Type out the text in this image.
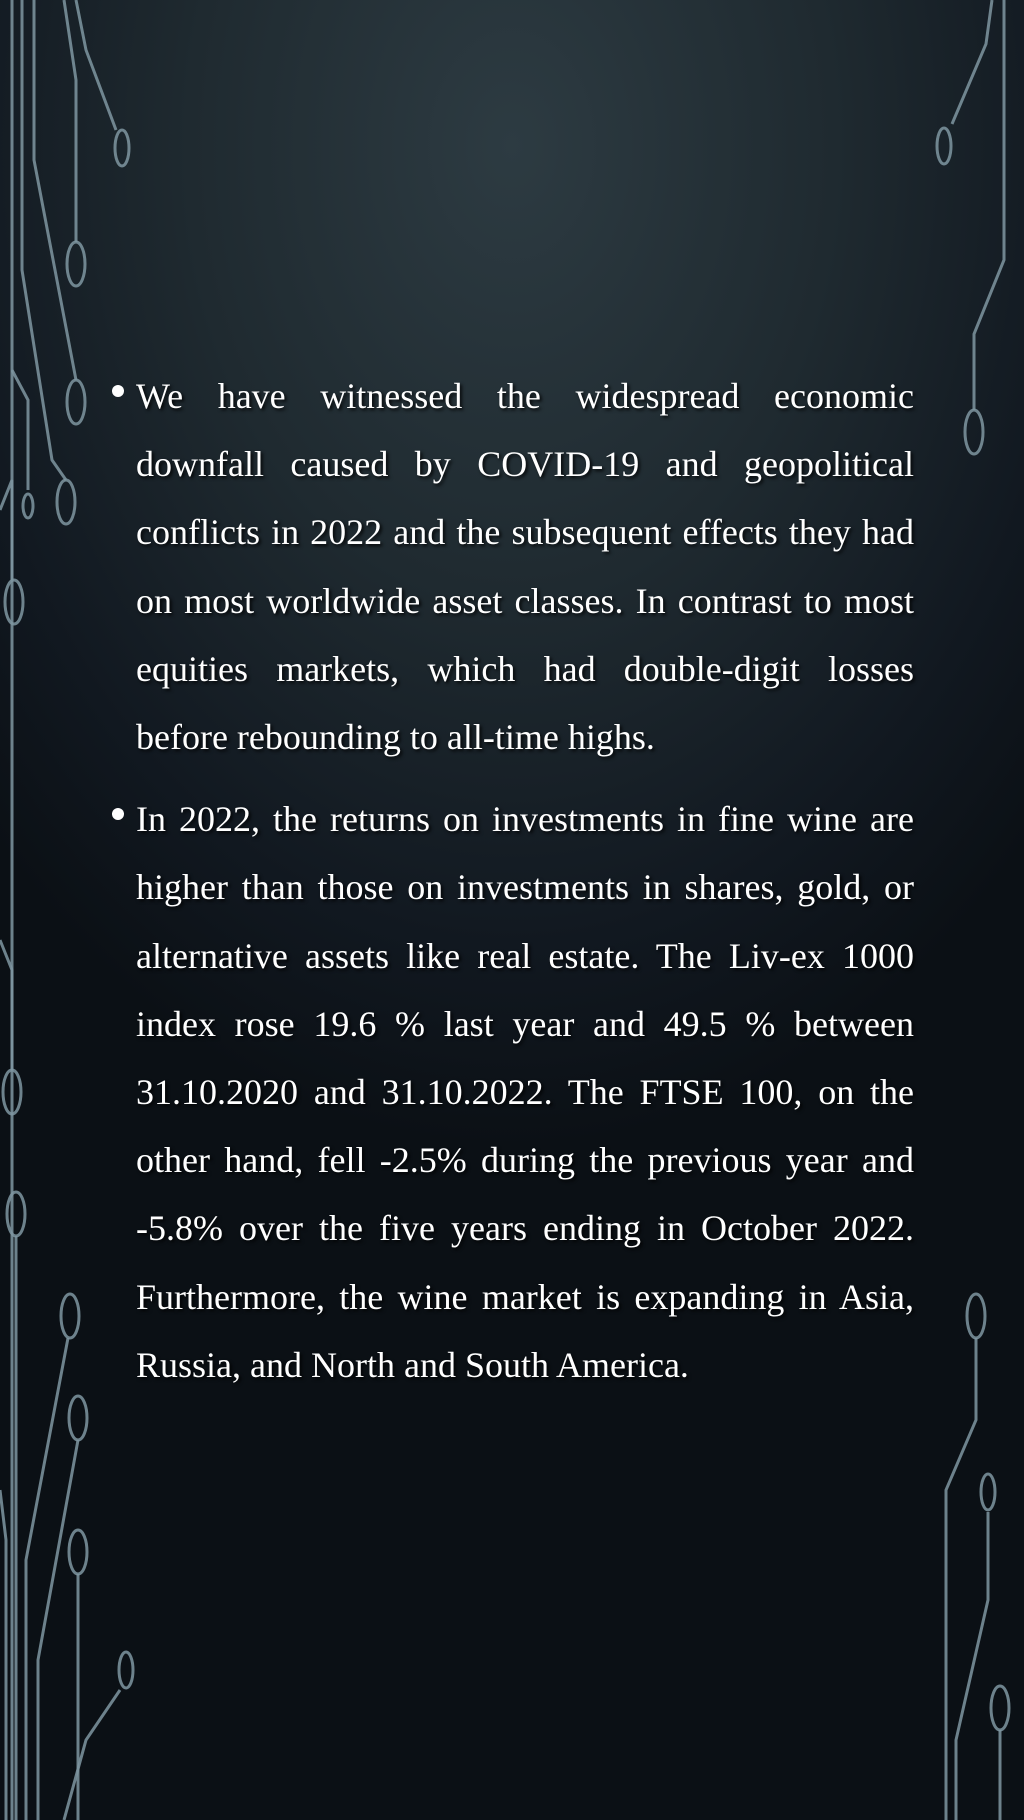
We have witnessed the widespread economic downfall caused by COVID-19 and geopolitical conflicts in 2022 and the subsequent effects they had on most worldwide asset classes. In contrast to most equities markets, which had double-digit losses before rebounding to all-time highs.

In 2022, the returns on investments in fine wine are higher than those on investments in shares, gold, or alternative assets like real estate. The Liv-ex 1000 index rose 19.6 % last year and 49.5 % between 31.10.2020 and 31.10.2022. The FTSE 100, on the other hand, fell -2.5% during the previous year and -5.8% over the five years ending in October 2022. Furthermore, the wine market is expanding in Asia, Russia, and North and South America.
